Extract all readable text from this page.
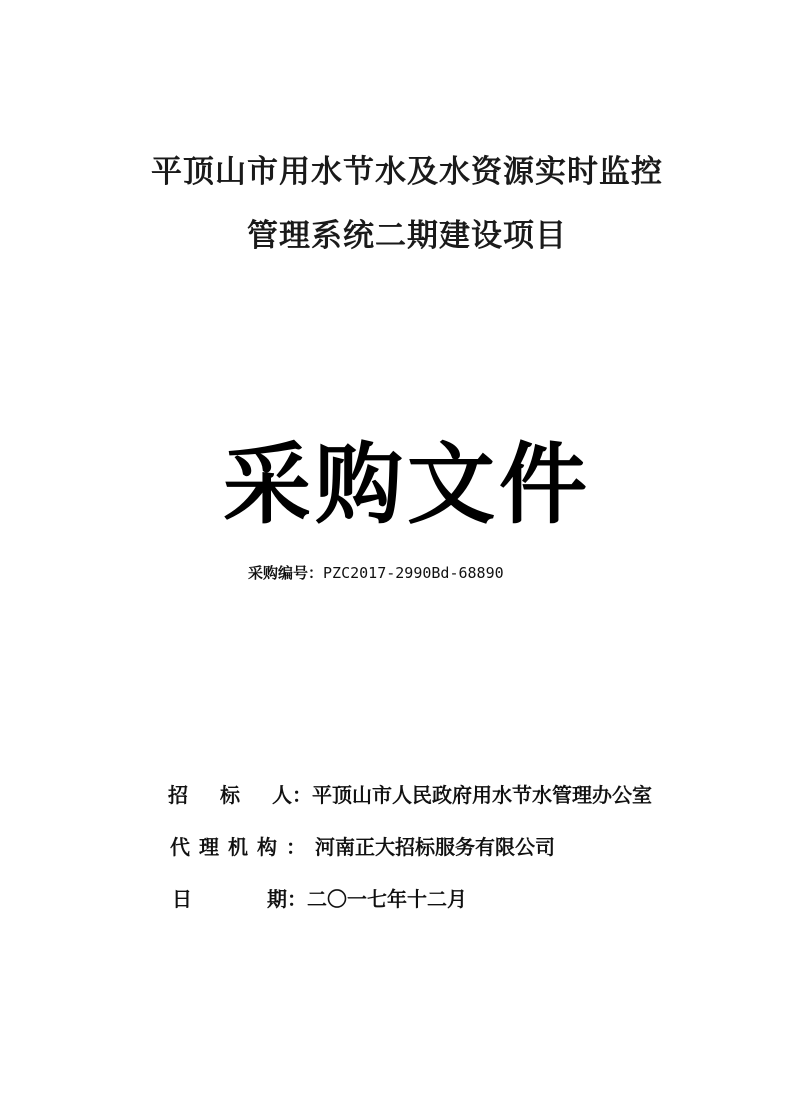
平顶山市用水节水及水资源实时监控
管理系统二期建设项目
采购文件
采购编号：PZC2017-2990Bd-68890
招标人：平顶山市人民政府用水节水管理办公室
代理机构：河南正大招标服务有限公司
日	期：二〇一七年十二月
